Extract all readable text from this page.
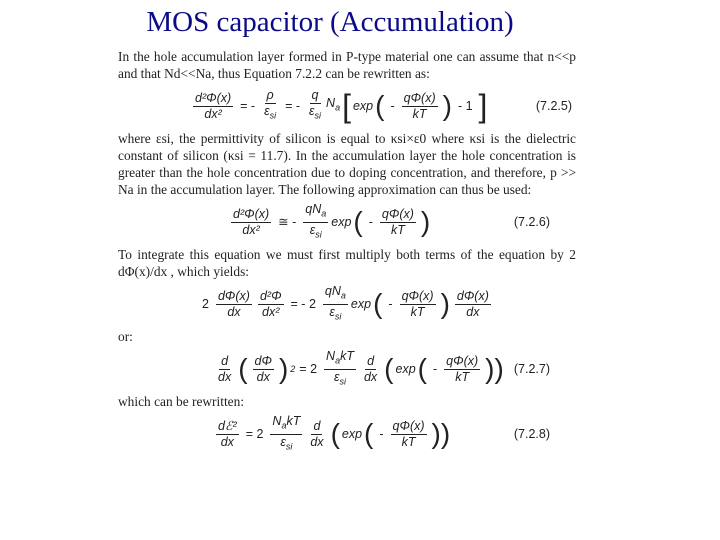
MOS capacitor (Accumulation)

In the hole accumulation layer formed in P-type material one can assume that n<<p and that Nd<<Na, thus Equation 7.2.2 can be rewritten as:

$\frac{\text{d²Φ(x)}}{\text{dx²}}$ = - $\frac{\rho}{\varepsilon_{si}}$ = - $\frac{q}{\varepsilon_{si}} N_a$ [ exp ( - $\frac{q\Phi(x)}{kT}$ ) - 1 ]	(7.2.5)

where εsi, the permittivity of silicon is equal to κsi×ε0 where κsi is the dielectric constant of silicon (κsi = 11.7). In the accumulation layer the hole concentration is greater than the hole concentration due to doping concentration, and therefore, p >> Na in the accumulation layer. The following approximation can thus be used:

$\frac{\text{d²Φ(x)}}{\text{dx²}}$ ≅ - $\frac{qN_a}{\varepsilon_{si}}$ exp ( - $\frac{q\Phi(x)}{kT}$ )	(7.2.6)

To integrate this equation we must first multiply both terms of the equation by 2 dΦ(x)/dx , which yields:

$2 \frac{d\Phi(x)}{dx} \frac{\text{d²Φ}}{\text{dx²}}$ = - $2 \frac{qN_a}{\varepsilon_{si}}$ exp ( - $\frac{q\Phi(x)}{kT}$ ) $\frac{d\Phi(x)}{dx}$

or:

$\frac{d}{dx}$ ( $\frac{d\Phi}{dx}$ ) $2 = 2 \frac{N_akT}{\varepsilon_{si}} \frac{d}{dx}$ ( exp ( - $\frac{q\Phi(x)}{kT}$ )) (7.2.7)

which can be rewritten:

$\frac{\text{dℰ²}}{dx} = 2 \frac{N_akT}{\varepsilon_{si}} \frac{d}{dx}$ ( exp ( - $\frac{q\Phi(x)}{kT}$ ))	(7.2.8)
